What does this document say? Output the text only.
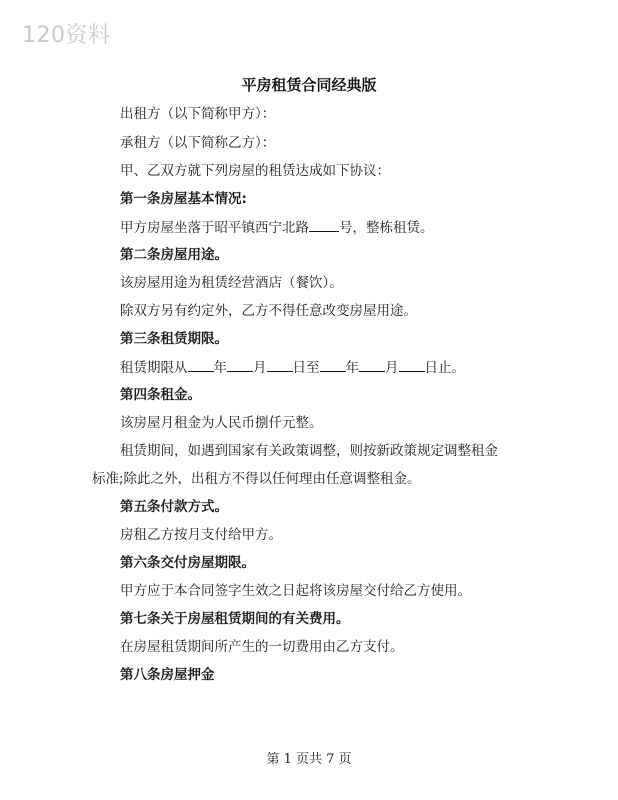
120资料
平房租赁合同经典版
出租方（以下简称甲方）：
承租方（以下简称乙方）：
甲、乙双方就下列房屋的租赁达成如下协议：
第一条房屋基本情况:
甲方房屋坐落于昭平镇西宁北路 号，整栋租赁。
第二条房屋用途。
该房屋用途为租赁经营酒店（餐饮）。
除双方另有约定外，乙方不得任意改变房屋用途。
第三条租赁期限。
租赁期限从 年 月 日至 年 月 日止。
第四条租金。
该房屋月租金为人民币捌仟元整。
租赁期间，如遇到国家有关政策调整，则按新政策规定调整租金
标准;除此之外，出租方不得以任何理由任意调整租金。
第五条付款方式。
房租乙方按月支付给甲方。
第六条交付房屋期限。
甲方应于本合同签字生效之日起将该房屋交付给乙方使用。
第七条关于房屋租赁期间的有关费用。
在房屋租赁期间所产生的一切费用由乙方支付。
第八条房屋押金
第 1 页共 7 页
